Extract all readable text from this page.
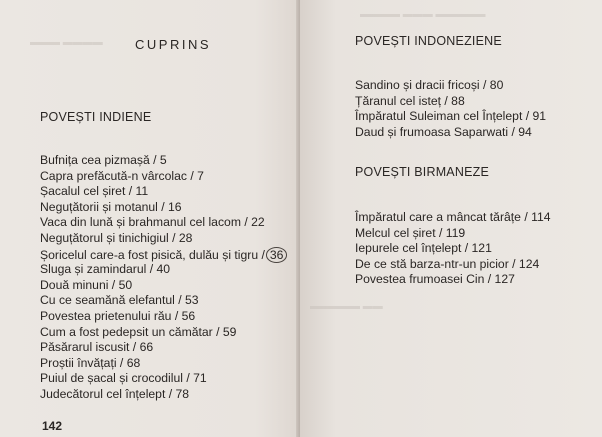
▬▬▬ ▬▬▬▬ CUPRINS
POVEȘTI INDIENE
Bufnița cea pizmașă / 5
Capra prefăcută-n vârcolac / 7
Șacalul cel șiret / 11
Neguțătorii și motanul / 16
Vaca din lună și brahmanul cel lacom / 22
Neguțătorul și tinichigiul / 28
Șoricelul care-a fost pisică, dulău și tigru / 36
Sluga și zamindarul / 40
Două minuni / 50
Cu ce seamănă elefantul / 53
Povestea prietenului rău / 56
Cum a fost pedepsit un cămătar / 59
Păsărarul iscusit / 66
Proștii învățați / 68
Puiul de șacal și crocodilul / 71
Judecătorul cel înțelept / 78
142
▬▬▬▬ ▬▬▬ ▬▬▬▬▬
▬▬▬▬▬ ▬▬
POVEȘTI INDONEZIENE
Sandino și dracii fricoși / 80
Țăranul cel isteț / 88
Împăratul Suleiman cel Înțelept / 91
Daud și frumoasa Saparwati / 94
POVEȘTI BIRMANEZE
Împăratul care a mâncat tărâțe / 114
Melcul cel șiret / 119
Iepurele cel înțelept / 121
De ce stă barza-ntr-un picior / 124
Povestea frumoasei Cin / 127
